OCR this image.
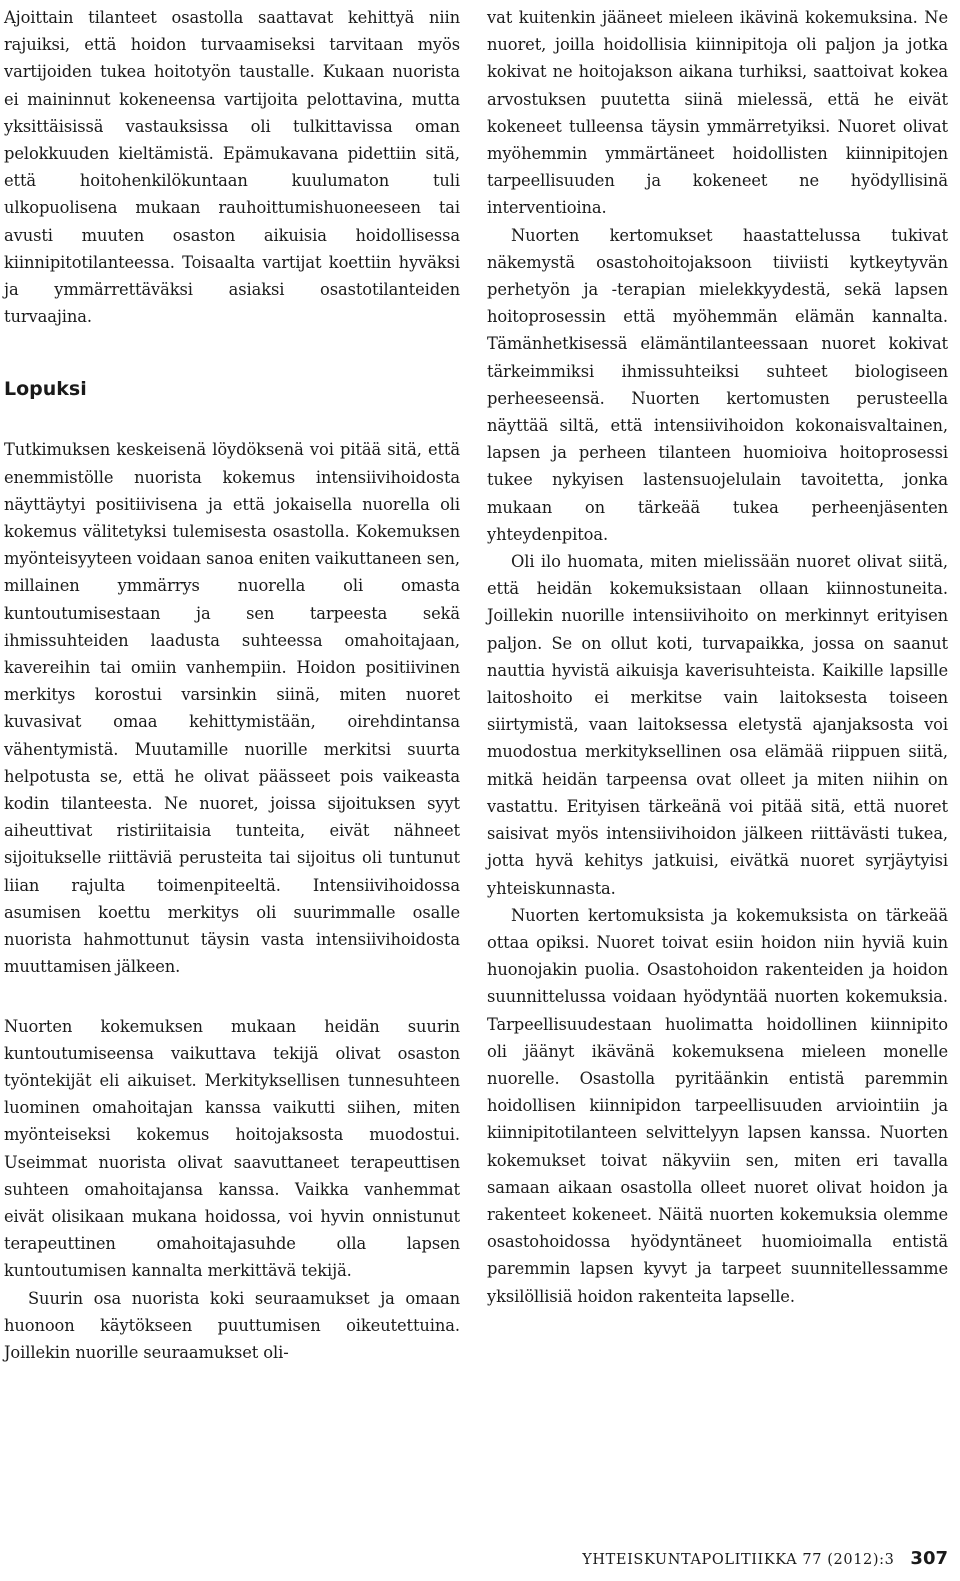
Ajoittain tilanteet osastolla saattavat kehittyä niin rajuiksi, että hoidon turvaamiseksi tarvitaan myös vartijoiden tukea hoitotyön taustalle. Kukaan nuorista ei maininnut kokeneensa vartijoita pelottavina, mutta yksittäisissä vastauksissa oli tulkittavissa oman pelokkuuden kieltämistä. Epämukavana pidettiin sitä, että hoitohenkilökuntaan kuulumaton tuli ulkopuolisena mukaan rauhoittumishuoneeseen tai avusti muuten osaston aikuisia hoidollisessa kiinnipitotilanteessa. Toisaalta vartijat koettiin hyväksi ja ymmärrettäväksi asiaksi osastotilanteiden turvaajina.

Lopuksi

Tutkimuksen keskeisenä löydöksenä voi pitää sitä, että enemmistölle nuorista kokemus intensiivihoidosta näyttäytyi positiivisena ja että jokaisella nuorella oli kokemus välitetyksi tulemisesta osastolla. Kokemuksen myönteisyyteen voidaan sanoa eniten vaikuttaneen sen, millainen ymmärrys nuorella oli omasta kuntoutumisestaan ja sen tarpeesta sekä ihmissuhteiden laadusta suhteessa omahoitajaan, kavereihin tai omiin vanhempiin. Hoidon positiivinen merkitys korostui varsinkin siinä, miten nuoret kuvasivat omaa kehittymistään, oirehdintansa vähentymistä. Muutamille nuorille merkitsi suurta helpotusta se, että he olivat päässeet pois vaikeasta kodin tilanteesta. Ne nuoret, joissa sijoituksen syyt aiheuttivat ristiriitaisia tunteita, eivät nähneet sijoitukselle riittäviä perusteita tai sijoitus oli tuntunut liian rajulta toimenpiteeltä. Intensiivihoidossa asumisen koettu merkitys oli suurimmalle osalle nuorista hahmottunut täysin vasta intensiivihoidosta muuttamisen jälkeen.

Nuorten kokemuksen mukaan heidän suurin kuntoutumiseensa vaikuttava tekijä olivat osaston työntekijät eli aikuiset. Merkityksellisen tunnesuhteen luominen omahoitajan kanssa vaikutti siihen, miten myönteiseksi kokemus hoitojaksosta muodostui. Useimmat nuorista olivat saavuttaneet terapeuttisen suhteen omahoitajansa kanssa. Vaikka vanhemmat eivät olisikaan mukana hoidossa, voi hyvin onnistunut terapeuttinen omahoitajasuhde olla lapsen kuntoutumisen kannalta merkittävä tekijä.

Suurin osa nuorista koki seuraamukset ja omaan huonoon käytökseen puuttumisen oikeutettuina. Joillekin nuorille seuraamukset oli-

vat kuitenkin jääneet mieleen ikävinä kokemuksina. Ne nuoret, joilla hoidollisia kiinnipitoja oli paljon ja jotka kokivat ne hoitojakson aikana turhiksi, saattoivat kokea arvostuksen puutetta siinä mielessä, että he eivät kokeneet tulleensa täysin ymmärretyiksi. Nuoret olivat myöhemmin ymmärtäneet hoidollisten kiinnipitojen tarpeellisuuden ja kokeneet ne hyödyllisinä interventioina.

Nuorten kertomukset haastattelussa tukivat näkemystä osastohoitojaksoon tiiviisti kytkeytyvän perhetyön ja -terapian mielekkyydestä, sekä lapsen hoitoprosessin että myöhemmän elämän kannalta. Tämänhetkisessä elämäntilanteessaan nuoret kokivat tärkeimmiksi ihmissuhteiksi suhteet biologiseen perheeseensä. Nuorten kertomusten perusteella näyttää siltä, että intensiivihoidon kokonaisvaltainen, lapsen ja perheen tilanteen huomioiva hoitoprosessi tukee nykyisen lastensuojelulain tavoitetta, jonka mukaan on tärkeää tukea perheenjäsenten yhteydenpitoa.

Oli ilo huomata, miten mielissään nuoret olivat siitä, että heidän kokemuksistaan ollaan kiinnostuneita. Joillekin nuorille intensiivihoito on merkinnyt erityisen paljon. Se on ollut koti, turvapaikka, jossa on saanut nauttia hyvistä aikuisja kaverisuhteista. Kaikille lapsille laitoshoito ei merkitse vain laitoksesta toiseen siirtymistä, vaan laitoksessa eletystä ajanjaksosta voi muodostua merkityksellinen osa elämää riippuen siitä, mitkä heidän tarpeensa ovat olleet ja miten niihin on vastattu. Erityisen tärkeänä voi pitää sitä, että nuoret saisivat myös intensiivihoidon jälkeen riittävästi tukea, jotta hyvä kehitys jatkuisi, eivätkä nuoret syrjäytyisi yhteiskunnasta.

Nuorten kertomuksista ja kokemuksista on tärkeää ottaa opiksi. Nuoret toivat esiin hoidon niin hyviä kuin huonojakin puolia. Osastohoidon rakenteiden ja hoidon suunnittelussa voidaan hyödyntää nuorten kokemuksia. Tarpeellisuudestaan huolimatta hoidollinen kiinnipito oli jäänyt ikävänä kokemuksena mieleen monelle nuorelle. Osastolla pyritäänkin entistä paremmin hoidollisen kiinnipidon tarpeellisuuden arviointiin ja kiinnipitotilanteen selvittelyyn lapsen kanssa. Nuorten kokemukset toivat näkyviin sen, miten eri tavalla samaan aikaan osastolla olleet nuoret olivat hoidon ja rakenteet kokeneet. Näitä nuorten kokemuksia olemme osastohoidossa hyödyntäneet huomioimalla entistä paremmin lapsen kyvyt ja tarpeet suunnitellessamme yksilöllisiä hoidon rakenteita lapselle.

YHTEISKUNTAPOLITIIKKA 77 (2012):3 307
